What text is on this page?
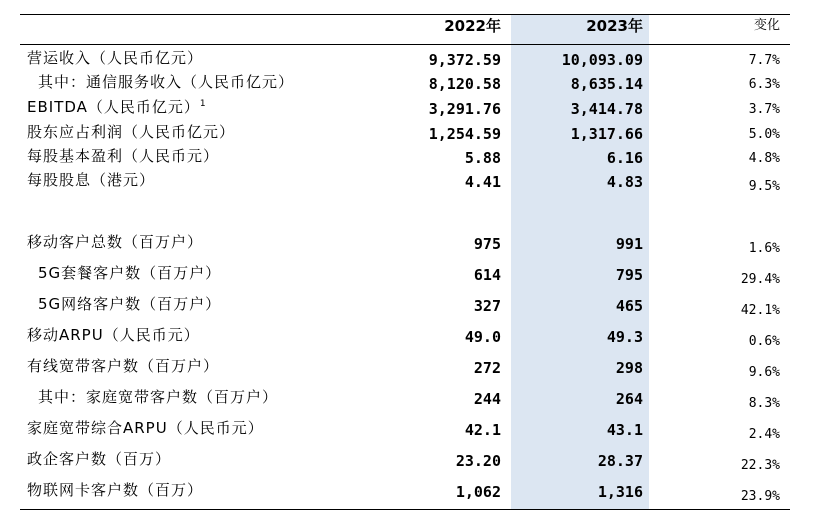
2022年	2023年	变化
营运收入（人民币亿元）	9,372.59	10,093.09	7.7%
其中：通信服务收入（人民币亿元）	8,120.58	8,635.14	6.3%
EBITDA（人民币亿元）$^1$	3,291.76	3,414.78	3.7%
股东应占利润（人民币亿元）	1,254.59	1,317.66	5.0%
每股基本盈利（人民币元）	5.88	6.16	4.8%
每股股息（港元）	4.41	4.83	9.5%
移动客户总数（百万户）	975	991	1.6%
5G套餐客户数（百万户）	614	795	29.4%
5G网络客户数（百万户）	327	465	42.1%
移动ARPU（人民币元）	49.0	49.3	0.6%
有线宽带客户数（百万户）	272	298	9.6%
其中：家庭宽带客户数（百万户）	244	264	8.3%
家庭宽带综合ARPU（人民币元）	42.1	43.1	2.4%
政企客户数（百万）	23.20	28.37	22.3%
物联网卡客户数（百万）	1,062	1,316	23.9%
